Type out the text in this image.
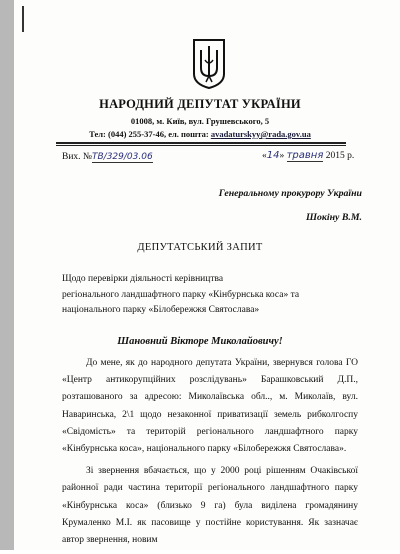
НАРОДНИЙ ДЕПУТАТ УКРАЇНИ
01008, м. Київ, вул. Грушевського, 5
Тел: (044) 255-37-46, ел. пошта: avadaturskyy@rada.gov.ua
Вих. №ТВ/329/03.06	«14» травня 2015 р.
Генеральному прокурору України
Шокіну В.М.
ДЕПУТАТСЬКИЙ ЗАПИТ
Щодо перевірки діяльності керівництва
регіонального ландшафтного парку «Кінбурнська коса» та
національного парку «Білобережжя Святослава»
Шановний Вікторе Миколайовичу!

До мене, як до народного депутата України, звернувся голова ГО «Центр антикорупційних розслідувань» Барашковський Д.П., розташованого за адресою: Миколаївська обл.., м. Миколаїв, вул. Наваринська, 2\1 щодо незаконної приватизації земель рибколгоспу «Свідомість» та територій регіонального ландшафтного парку «Кінбурнська коса», національного парку «Білобережжя Святослава».

Зі звернення вбачається, що у 2000 році рішенням Очаківської районної ради частина території регіонального ландшафтного парку «Кінбурнська коса» (близько 9 га) була виділена громадянину Крумаленко М.І. як пасовище у постійне користування. Як зазначає автор звернення, новим
